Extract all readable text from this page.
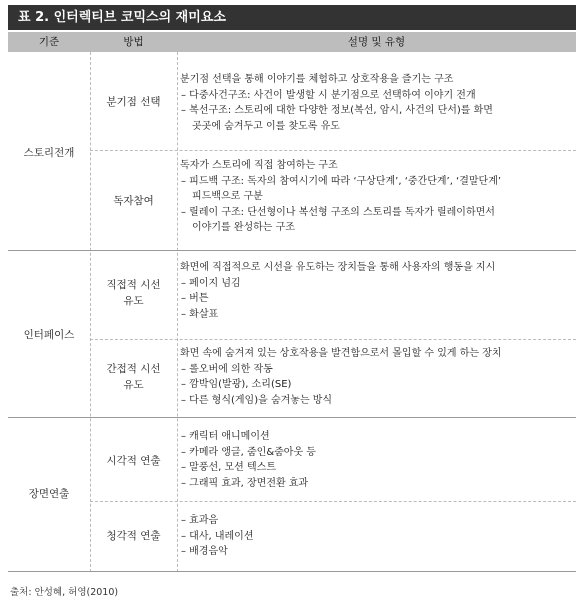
표 2. 인터렉티브 코믹스의 재미요소
기준	방법	설명 및 유형
스토리전개
인터페이스
장면연출
분기점 선택
분기점 선택을 통해 이야기를 체험하고 상호작용을 즐기는 구조
– 다중사건구조: 사건이 발생할 시 분기점으로 선택하여 이야기 전개
– 복선구조: 스토리에 대한 다양한 정보(복선, 암시, 사건의 단서)를 화면
곳곳에 숨겨두고 이를 찾도록 유도
독자참여
독자가 스토리에 직접 참여하는 구조
– 피드백 구조: 독자의 참여시기에 따라 ‘구상단계’, ‘중간단계’, ‘결말단계’
피드백으로 구분
– 릴레이 구조: 단선형이나 복선형 구조의 스토리를 독자가 릴레이하면서
이야기를 완성하는 구조
직접적 시선
유도
화면에 직접적으로 시선을 유도하는 장치들을 통해 사용자의 행동을 지시
– 페이지 넘김
– 버튼
– 화살표
간접적 시선
유도
화면 속에 숨겨져 있는 상호작용을 발견함으로서 몰입할 수 있게 하는 장치
– 롤오버에 의한 작동
– 깜박임(발광), 소리(SE)
– 다른 형식(게임)을 숨겨놓는 방식
시각적 연출
– 캐릭터 애니메이션
– 카메라 앵글, 줌인&줌아웃 등
– 말풍선, 모션 텍스트
– 그래픽 효과, 장면전환 효과
청각적 연출
– 효과음
– 대사, 내레이션
– 배경음악
출처: 안성혜, 허영(2010)
